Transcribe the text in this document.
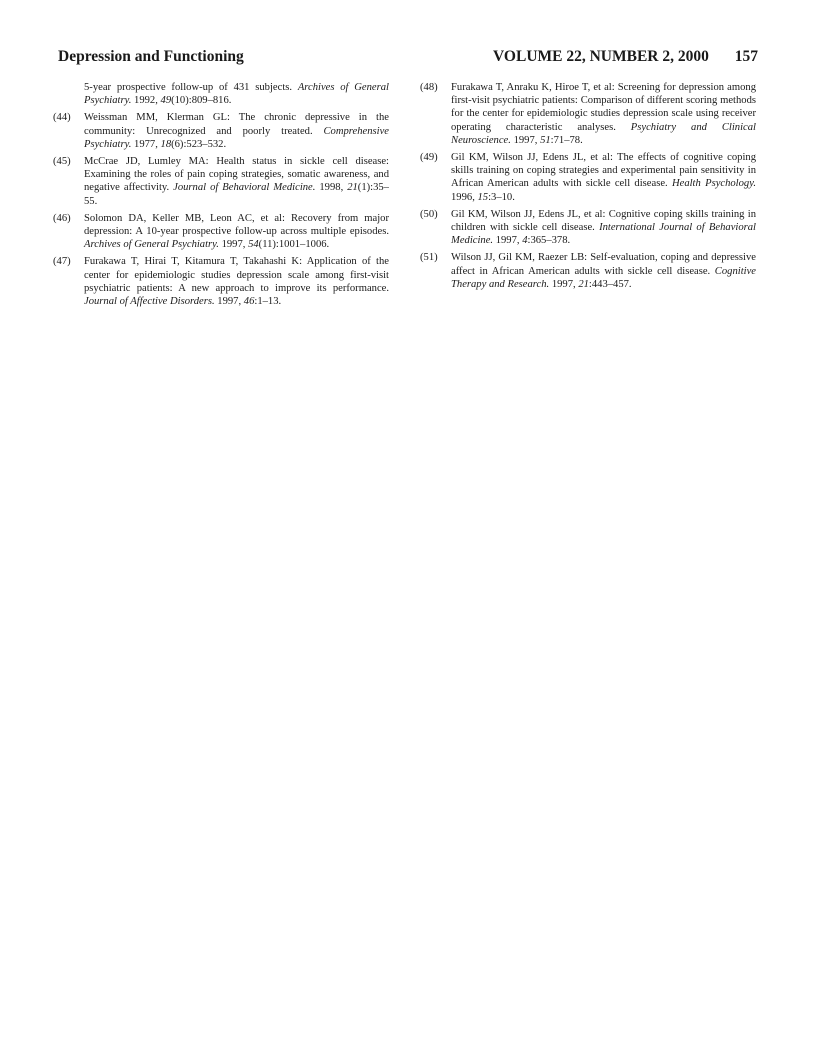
Depression and Functioning	VOLUME 22, NUMBER 2, 2000 157

5-year prospective follow-up of 431 subjects. Archives of General Psychiatry. 1992, 49(10):809–816.

(44) Weissman MM, Klerman GL: The chronic depressive in the community: Unrecognized and poorly treated. Comprehensive Psychiatry. 1977, 18(6):523–532.

(45) McCrae JD, Lumley MA: Health status in sickle cell disease: Examining the roles of pain coping strategies, somatic awareness, and negative affectivity. Journal of Behavioral Medicine. 1998, 21(1):35–55.

(46) Solomon DA, Keller MB, Leon AC, et al: Recovery from major depression: A 10-year prospective follow-up across multiple episodes. Archives of General Psychiatry. 1997, 54(11):1001–1006.

(47) Furakawa T, Hirai T, Kitamura T, Takahashi K: Application of the center for epidemiologic studies depression scale among first-visit psychiatric patients: A new approach to improve its performance. Journal of Affective Disorders. 1997, 46:1–13.

(48) Furakawa T, Anraku K, Hiroe T, et al: Screening for depression among first-visit psychiatric patients: Comparison of different scoring methods for the center for epidemiologic studies depression scale using receiver operating characteristic analyses. Psychiatry and Clinical Neuroscience. 1997, 51:71–78.

(49) Gil KM, Wilson JJ, Edens JL, et al: The effects of cognitive coping skills training on coping strategies and experimental pain sensitivity in African American adults with sickle cell disease. Health Psychology. 1996, 15:3–10.

(50) Gil KM, Wilson JJ, Edens JL, et al: Cognitive coping skills training in children with sickle cell disease. International Journal of Behavioral Medicine. 1997, 4:365–378.

(51) Wilson JJ, Gil KM, Raezer LB: Self-evaluation, coping and depressive affect in African American adults with sickle cell disease. Cognitive Therapy and Research. 1997, 21:443–457.
